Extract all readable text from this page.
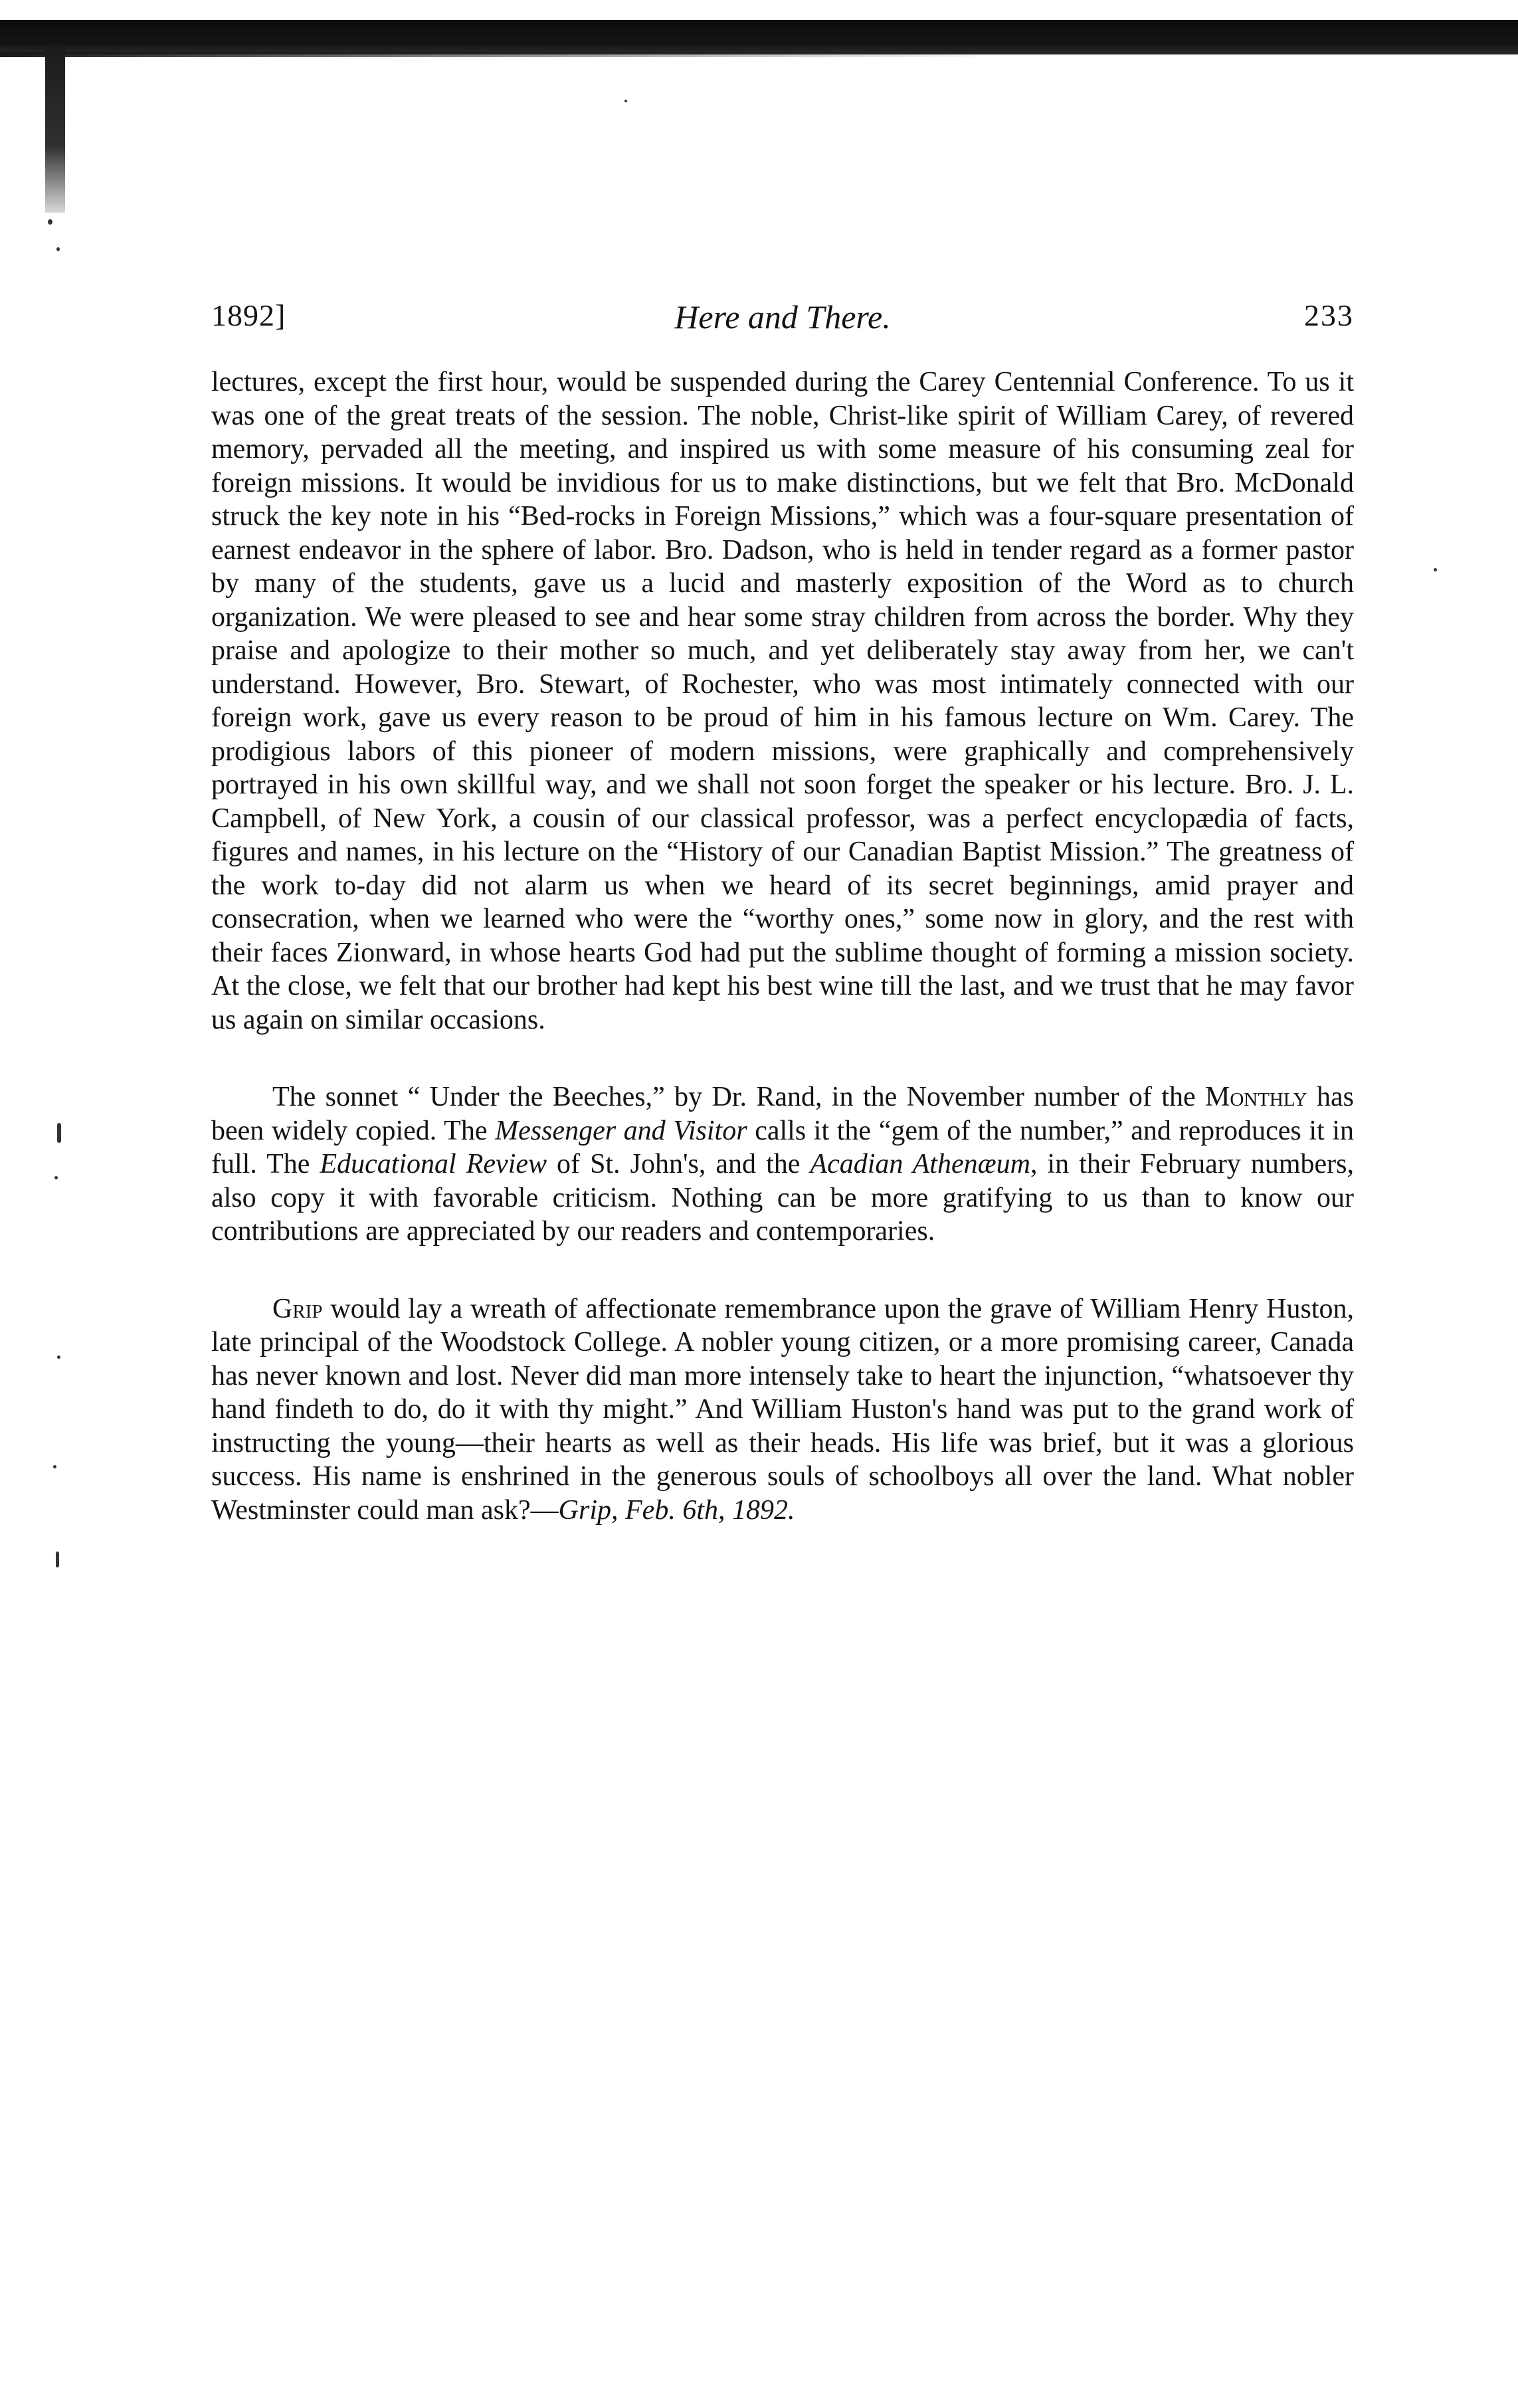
1892]	Here and There.	233

lectures, except the first hour, would be suspended during the Carey Centennial Conference. To us it was one of the great treats of the session. The noble, Christ-like spirit of William Carey, of revered memory, pervaded all the meeting, and inspired us with some measure of his consuming zeal for foreign missions. It would be invidious for us to make distinctions, but we felt that Bro. McDonald struck the key note in his “Bed-rocks in Foreign Missions,” which was a four-square presentation of earnest endeavor in the sphere of labor. Bro. Dadson, who is held in tender regard as a former pastor by many of the students, gave us a lucid and masterly exposition of the Word as to church organization. We were pleased to see and hear some stray children from across the border. Why they praise and apologize to their mother so much, and yet deliberately stay away from her, we can't understand. However, Bro. Stewart, of Rochester, who was most intimately connected with our foreign work, gave us every reason to be proud of him in his famous lecture on Wm. Carey. The prodigious labors of this pioneer of modern missions, were graphically and comprehensively portrayed in his own skillful way, and we shall not soon forget the speaker or his lecture. Bro. J. L. Campbell, of New York, a cousin of our classical professor, was a perfect encyclopædia of facts, figures and names, in his lecture on the “History of our Canadian Baptist Mission.” The greatness of the work to-day did not alarm us when we heard of its secret beginnings, amid prayer and consecration, when we learned who were the “worthy ones,” some now in glory, and the rest with their faces Zionward, in whose hearts God had put the sublime thought of forming a mission society. At the close, we felt that our brother had kept his best wine till the last, and we trust that he may favor us again on similar occasions.

The sonnet “ Under the Beeches,” by Dr. Rand, in the November number of the Monthly has been widely copied. The Messenger and Visitor calls it the “gem of the number,” and reproduces it in full. The Educational Review of St. John's, and the Acadian Athenæum, in their February numbers, also copy it with favorable criticism. Nothing can be more gratifying to us than to know our contributions are appreciated by our readers and contemporaries.

Grip would lay a wreath of affectionate remembrance upon the grave of William Henry Huston, late principal of the Woodstock College. A nobler young citizen, or a more promising career, Canada has never known and lost. Never did man more intensely take to heart the injunction, “whatsoever thy hand findeth to do, do it with thy might.” And William Huston's hand was put to the grand work of instructing the young—their hearts as well as their heads. His life was brief, but it was a glorious success. His name is enshrined in the generous souls of schoolboys all over the land. What nobler Westminster could man ask?—Grip, Feb. 6th, 1892.
